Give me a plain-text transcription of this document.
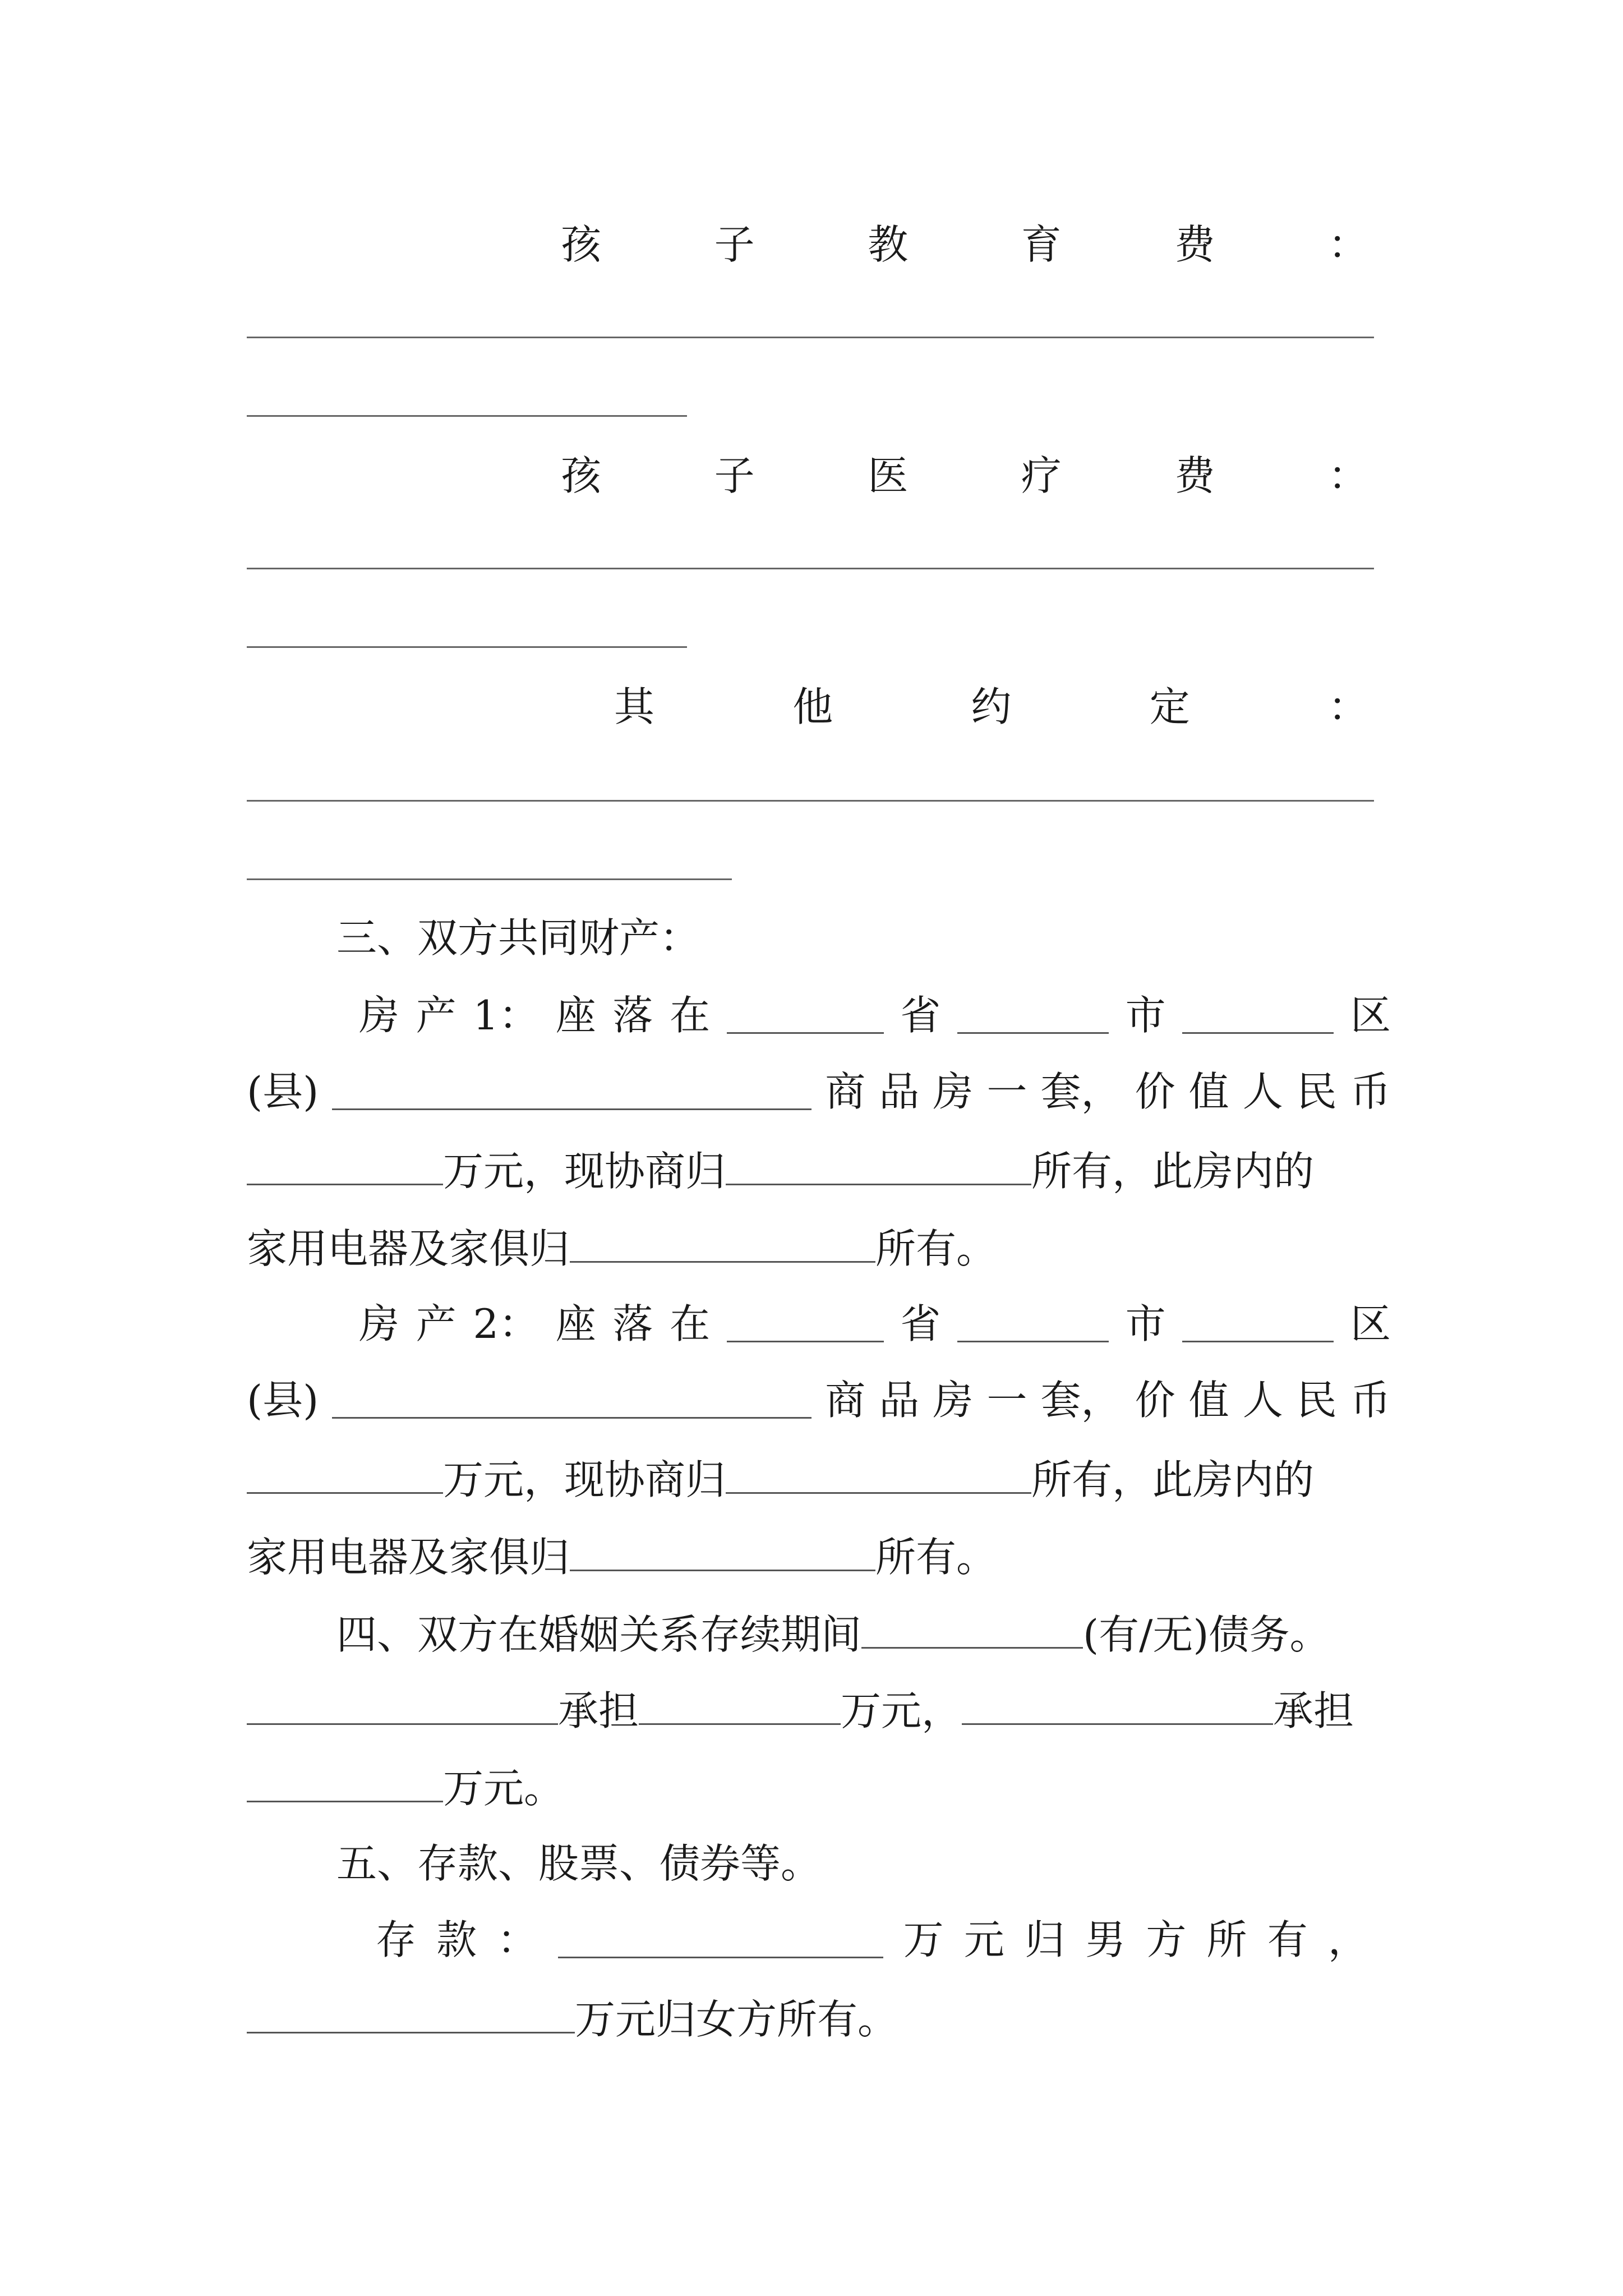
孩	子	教	育	费	：
孩	子	医	疗	费	：
其	他	约	定	：
三、双方共同财产：
房 产 1： 座 落 在	省	市	区
(县)	商 品 房 一 套， 价 值 人 民 币
万元，现协商归	所有，此房内的
家用电器及家俱归	所有。
房 产 2： 座 落 在	省	市	区
(县)	商 品 房 一 套， 价 值 人 民 币
万元，现协商归	所有，此房内的
家用电器及家俱归	所有。
四、双方在婚姻关系存续期间	(有/无)债务。
承担	万元，	承担
万元。
五、存款、股票、债券等。
存 款 ：	万 元 归 男 方 所 有 ，
万元归女方所有。
